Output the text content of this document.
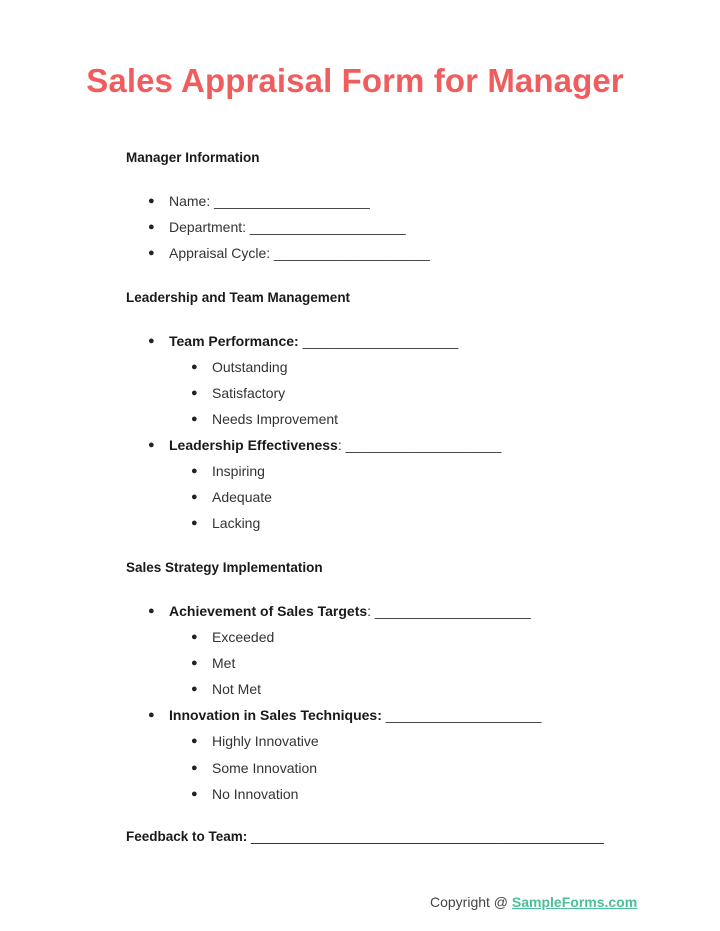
Sales Appraisal Form for Manager
Manager Information
● Name: ____________________
● Department: ____________________
● Appraisal Cycle: ____________________
Leadership and Team Management
● Team Performance: ____________________
● Outstanding
● Satisfactory
● Needs Improvement
● Leadership Effectiveness: ____________________
● Inspiring
● Adequate
● Lacking
Sales Strategy Implementation
● Achievement of Sales Targets: ____________________
● Exceeded
● Met
● Not Met
● Innovation in Sales Techniques: ____________________
● Highly Innovative
● Some Innovation
● No Innovation
Feedback to Team: _______________________________________________
Copyright @ SampleForms.com
